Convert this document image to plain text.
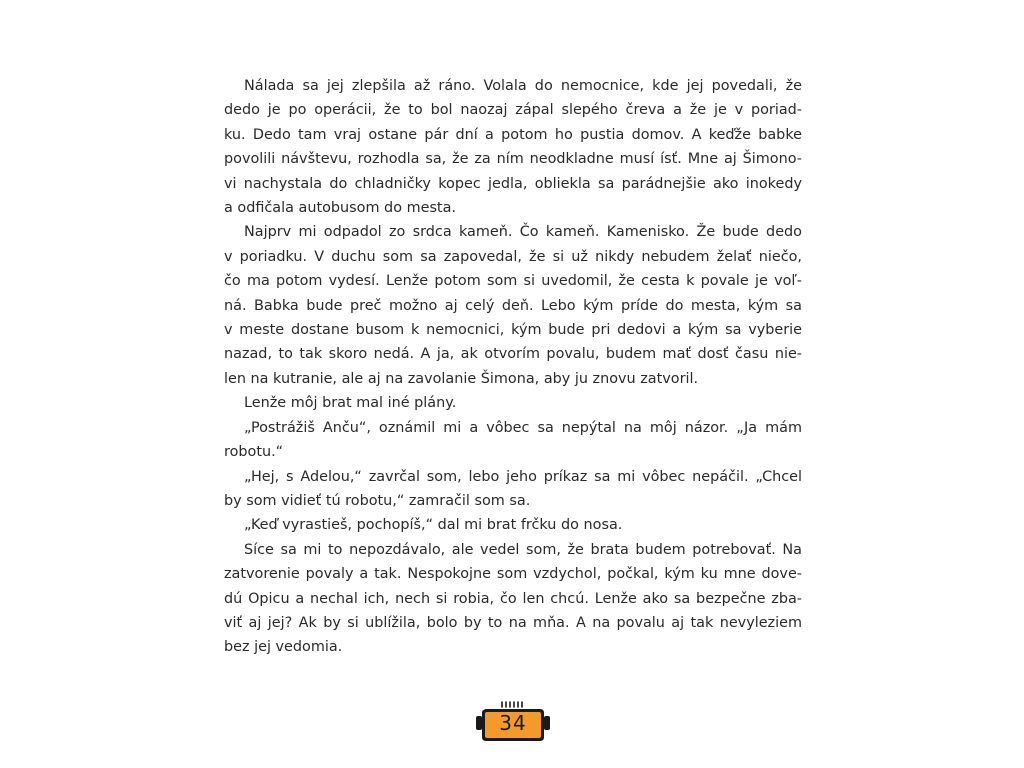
Nálada sa jej zlepšila až ráno. Volala do nemocnice, kde jej povedali, že
dedo je po operácii, že to bol naozaj zápal slepého čreva a že je v poriad-
ku. Dedo tam vraj ostane pár dní a potom ho pustia domov. A keďže babke
povolili návštevu, rozhodla sa, že za ním neodkladne musí ísť. Mne aj Šimono-
vi nachystala do chladničky kopec jedla, obliekla sa parádnejšie ako inokedy
a odfičala autobusom do mesta.
Najprv mi odpadol zo srdca kameň. Čo kameň. Kamenisko. Že bude dedo
v poriadku. V duchu som sa zapovedal, že si už nikdy nebudem želať niečo,
čo ma potom vydesí. Lenže potom som si uvedomil, že cesta k povale je voľ-
ná. Babka bude preč možno aj celý deň. Lebo kým príde do mesta, kým sa
v meste dostane busom k nemocnici, kým bude pri dedovi a kým sa vyberie
nazad, to tak skoro nedá. A ja, ak otvorím povalu, budem mať dosť času nie-
len na kutranie, ale aj na zavolanie Šimona, aby ju znovu zatvoril.
Lenže môj brat mal iné plány.
„Postrážiš Anču“, oznámil mi a vôbec sa nepýtal na môj názor. „Ja mám
robotu.“
„Hej, s Adelou,“ zavrčal som, lebo jeho príkaz sa mi vôbec nepáčil. „Chcel
by som vidieť tú robotu,“ zamračil som sa.
„Keď vyrastieš, pochopíš,“ dal mi brat frčku do nosa.
Síce sa mi to nepozdávalo, ale vedel som, že brata budem potrebovať. Na
zatvorenie povaly a tak. Nespokojne som vzdychol, počkal, kým ku mne dove-
dú Opicu a nechal ich, nech si robia, čo len chcú. Lenže ako sa bezpečne zba-
viť aj jej? Ak by si ublížila, bolo by to na mňa. A na povalu aj tak nevyleziem
bez jej vedomia.
34
